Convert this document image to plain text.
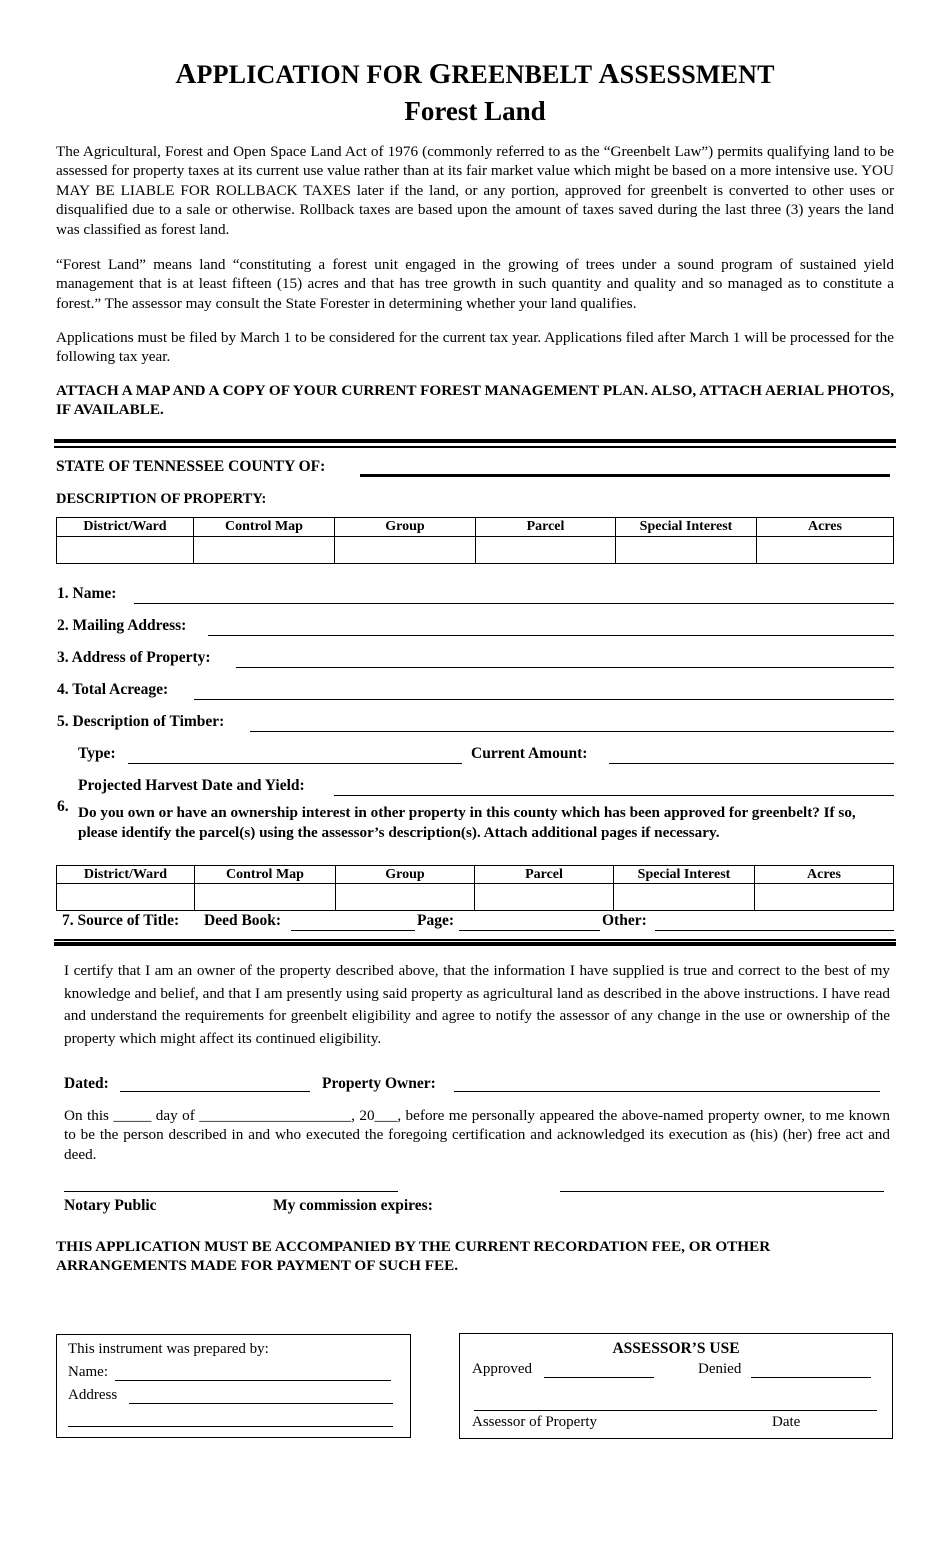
APPLICATION FOR GREENBELT ASSESSMENT
Forest Land
The Agricultural, Forest and Open Space Land Act of 1976 (commonly referred to as the “Greenbelt Law”) permits qualifying land to be assessed for property taxes at its current use value rather than at its fair market value which might be based on a more intensive use. YOU MAY BE LIABLE FOR ROLLBACK TAXES later if the land, or any portion, approved for greenbelt is converted to other uses or disqualified due to a sale or otherwise. Rollback taxes are based upon the amount of taxes saved during the last three (3) years the land was classified as forest land.
“Forest Land” means land “constituting a forest unit engaged in the growing of trees under a sound program of sustained yield management that is at least fifteen (15) acres and that has tree growth in such quantity and quality and so managed as to constitute a forest.” The assessor may consult the State Forester in determining whether your land qualifies.
Applications must be filed by March 1 to be considered for the current tax year. Applications filed after March 1 will be processed for the following tax year.
ATTACH A MAP AND A COPY OF YOUR CURRENT FOREST MANAGEMENT PLAN. ALSO, ATTACH AERIAL PHOTOS, IF AVAILABLE.
STATE OF TENNESSEE COUNTY OF:
DESCRIPTION OF PROPERTY:
District/Ward	Control Map	Group	Parcel	Special Interest	Acres

1. Name:
2. Mailing Address:
3. Address of Property:
4. Total Acreage:
5. Description of Timber:
Type:	Current Amount:
Projected Harvest Date and Yield:
6. Do you own or have an ownership interest in other property in this county which has been approved for greenbelt? If so, please identify the parcel(s) using the assessor’s description(s). Attach additional pages if necessary.
District/Ward	Control Map	Group	Parcel	Special Interest	Acres

7. Source of Title: Deed Book:	Page:	Other:
I certify that I am an owner of the property described above, that the information I have supplied is true and correct to the best of my knowledge and belief, and that I am presently using said property as agricultural land as described in the above instructions. I have read and understand the requirements for greenbelt eligibility and agree to notify the assessor of any change in the use or ownership of the property which might affect its continued eligibility.
Dated:	Property Owner:
On this _____ day of ____________________, 20___, before me personally appeared the above-named property owner, to me known to be the person described in and who executed the foregoing certification and acknowledged its execution as (his) (her) free act and deed.
Notary Public	My commission expires:
THIS APPLICATION MUST BE ACCOMPANIED BY THE CURRENT RECORDATION FEE, OR OTHER ARRANGEMENTS MADE FOR PAYMENT OF SUCH FEE.
This instrument was prepared by:
Name:
Address
ASSESSOR’S USE
Approved	Denied
Assessor of Property	Date
